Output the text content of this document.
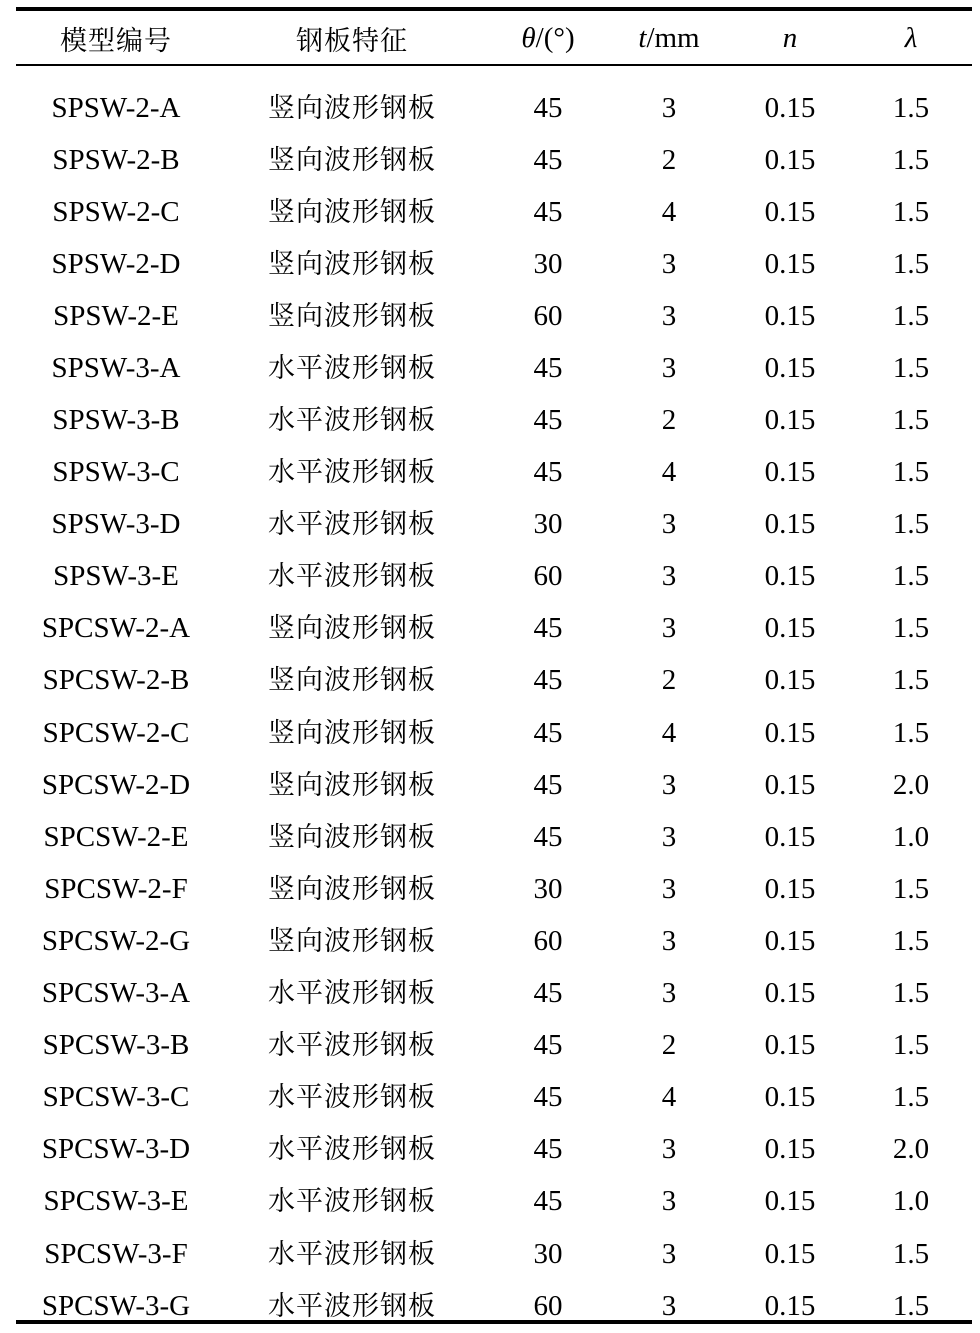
模型编号	钢板特征	θ/(°)	t/mm	n	λ
SPSW-2-A	竖向波形钢板	45	3	0.15	1.5
SPSW-2-B	竖向波形钢板	45	2	0.15	1.5
SPSW-2-C	竖向波形钢板	45	4	0.15	1.5
SPSW-2-D	竖向波形钢板	30	3	0.15	1.5
SPSW-2-E	竖向波形钢板	60	3	0.15	1.5
SPSW-3-A	水平波形钢板	45	3	0.15	1.5
SPSW-3-B	水平波形钢板	45	2	0.15	1.5
SPSW-3-C	水平波形钢板	45	4	0.15	1.5
SPSW-3-D	水平波形钢板	30	3	0.15	1.5
SPSW-3-E	水平波形钢板	60	3	0.15	1.5
SPCSW-2-A	竖向波形钢板	45	3	0.15	1.5
SPCSW-2-B	竖向波形钢板	45	2	0.15	1.5
SPCSW-2-C	竖向波形钢板	45	4	0.15	1.5
SPCSW-2-D	竖向波形钢板	45	3	0.15	2.0
SPCSW-2-E	竖向波形钢板	45	3	0.15	1.0
SPCSW-2-F	竖向波形钢板	30	3	0.15	1.5
SPCSW-2-G	竖向波形钢板	60	3	0.15	1.5
SPCSW-3-A	水平波形钢板	45	3	0.15	1.5
SPCSW-3-B	水平波形钢板	45	2	0.15	1.5
SPCSW-3-C	水平波形钢板	45	4	0.15	1.5
SPCSW-3-D	水平波形钢板	45	3	0.15	2.0
SPCSW-3-E	水平波形钢板	45	3	0.15	1.0
SPCSW-3-F	水平波形钢板	30	3	0.15	1.5
SPCSW-3-G	水平波形钢板	60	3	0.15	1.5
